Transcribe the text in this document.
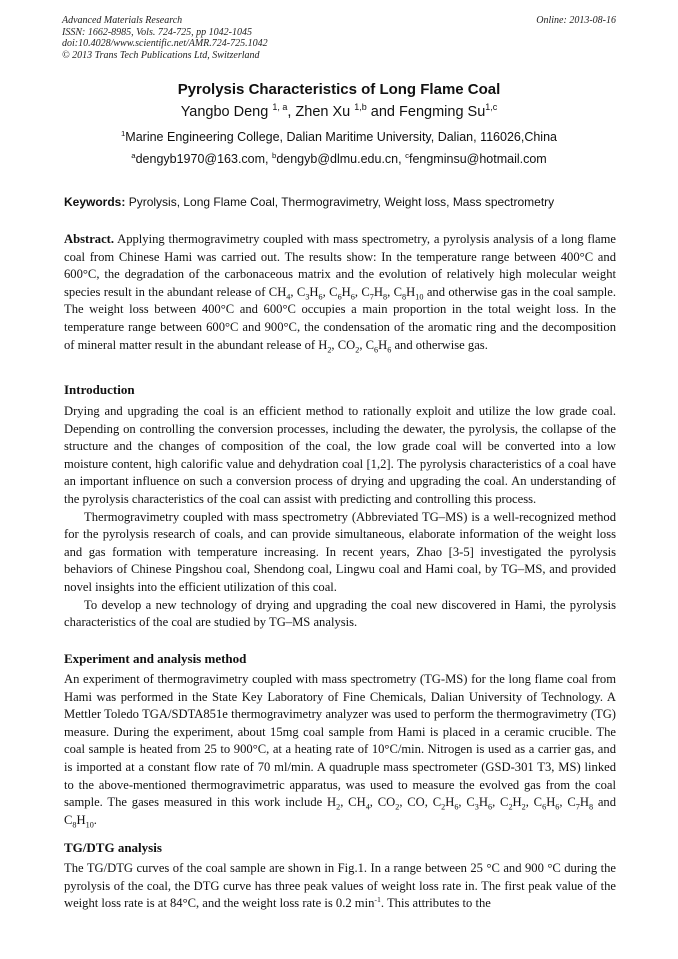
Advanced Materials Research
ISSN: 1662-8985, Vols. 724-725, pp 1042-1045
doi:10.4028/www.scientific.net/AMR.724-725.1042
© 2013 Trans Tech Publications Ltd, Switzerland
Online: 2013-08-16
Pyrolysis Characteristics of Long Flame Coal
Yangbo Deng $^{1, a}$, Zhen Xu $^{1,b}$ and Fengming Su$^{1,c}$
$^1$Marine Engineering College, Dalian Maritime University, Dalian, 116026,China
$^a$dengyb1970@163.com, $^b$dengyb@dlmu.edu.cn, $^c$fengminsu@hotmail.com
Keywords: Pyrolysis, Long Flame Coal, Thermogravimetry, Weight loss, Mass spectrometry

Abstract. Applying thermogravimetry coupled with mass spectrometry, a pyrolysis analysis of a long flame coal from Chinese Hami was carried out. The results show: In the temperature range between 400°C and 600°C, the degradation of the carbonaceous matrix and the evolution of relatively high molecular weight species result in the abundant release of $CH_4$, $C_3H_6$, $C_6H_6$, $C_7H_8$, $C_8H_{10}$ and otherwise gas in the coal sample. The weight loss between 400°C and 600°C occupies a main proportion in the total weight loss. In the temperature range between 600°C and 900°C, the condensation of the aromatic ring and the decomposition of mineral matter result in the abundant release of $H_2$, $CO_2$, $C_6H_6$ and otherwise gas.

Introduction

Drying and upgrading the coal is an efficient method to rationally exploit and utilize the low grade coal. Depending on controlling the conversion processes, including the dewater, the pyrolysis, the collapse of the structure and the changes of composition of the coal, the low grade coal will be converted into a low moisture content, high calorific value and dehydration coal [1,2]. The pyrolysis characteristics of a coal have an important influence on such a conversion process of drying and upgrading the coal. An understanding of the pyrolysis characteristics of the coal can assist with predicting and controlling this process.

Thermogravimetry coupled with mass spectrometry (Abbreviated TG–MS) is a well-recognized method for the pyrolysis research of coals, and can provide simultaneous, elaborate information of the weight loss and gas formation with temperature increasing. In recent years, Zhao [3-5] investigated the pyrolysis behaviors of Chinese Pingshou coal, Shendong coal, Lingwu coal and Hami coal, by TG–MS, and provided novel insights into the efficient utilization of this coal.

To develop a new technology of drying and upgrading the coal new discovered in Hami, the pyrolysis characteristics of the coal are studied by TG–MS analysis.

Experiment and analysis method

An experiment of thermogravimetry coupled with mass spectrometry (TG-MS) for the long flame coal from Hami was performed in the State Key Laboratory of Fine Chemicals, Dalian University of Technology. A Mettler Toledo TGA/SDTA851e thermogravimetry analyzer was used to perform the thermogravimetry (TG) measure. During the experiment, about 15mg coal sample from Hami is placed in a ceramic crucible. The coal sample is heated from 25 to 900°C, at a heating rate of 10°C/min. Nitrogen is used as a carrier gas, and is imported at a constant flow rate of 70 ml/min. A quadruple mass spectrometer (GSD-301 T3, MS) linked to the above-mentioned thermogravimetric apparatus, was used to measure the evolved gas from the coal sample. The gases measured in this work include $H_2$, $CH_4$, $CO_2$, CO, $C_2H_6$, $C_3H_6$, $C_2H_2$, $C_6H_6$, $C_7H_8$ and $C_8H_{10}$.

TG/DTG analysis

The TG/DTG curves of the coal sample are shown in Fig.1. In a range between 25 °C and 900 °C during the pyrolysis of the coal, the DTG curve has three peak values of weight loss rate in. The first peak value of the weight loss rate is at 84°C, and the weight loss rate is 0.2 $\min^{-1}$. This attributes to the
